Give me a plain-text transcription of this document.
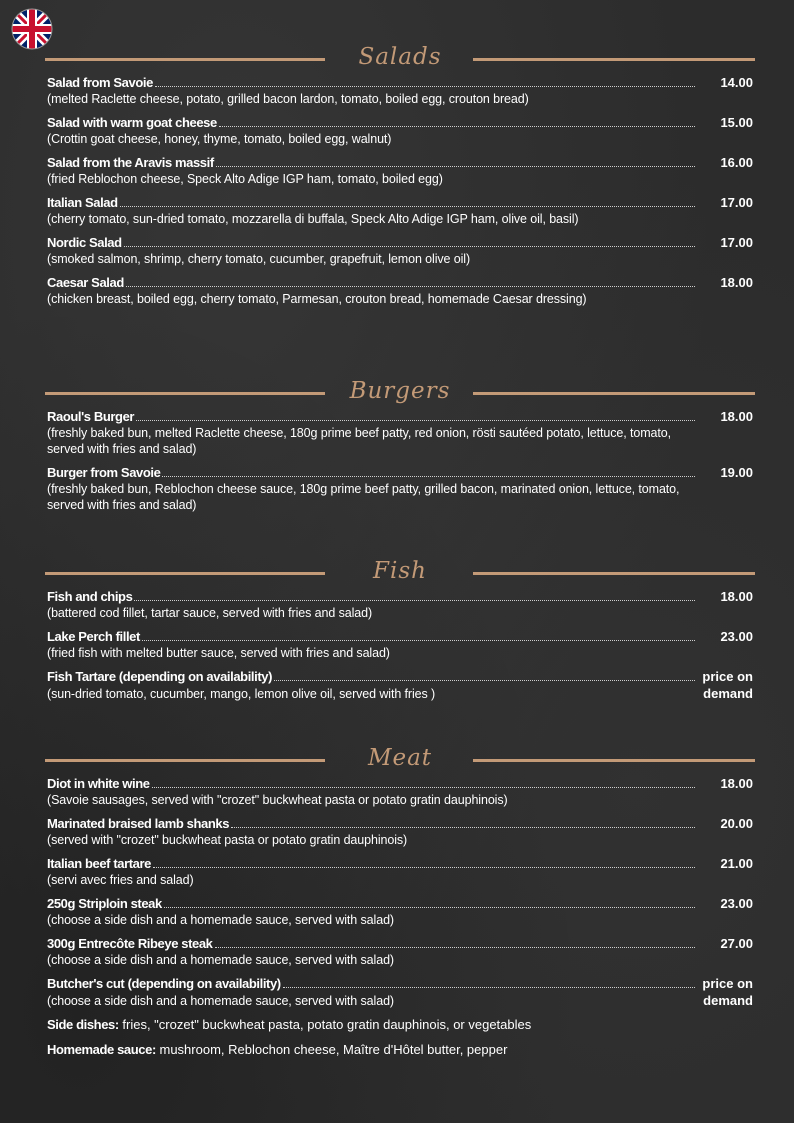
Salads
Salad from Savoie	14.00
(melted Raclette cheese, potato, grilled bacon lardon, tomato, boiled egg, crouton bread)
Salad with warm goat cheese	15.00
(Crottin goat cheese, honey, thyme, tomato, boiled egg, walnut)
Salad from the Aravis massif	16.00
(fried Reblochon cheese, Speck Alto Adige IGP ham, tomato, boiled egg)
Italian Salad	17.00
(cherry tomato, sun-dried tomato, mozzarella di buffala, Speck Alto Adige IGP ham, olive oil, basil)
Nordic Salad	17.00
(smoked salmon, shrimp, cherry tomato, cucumber, grapefruit, lemon olive oil)
Caesar Salad	18.00
(chicken breast, boiled egg, cherry tomato, Parmesan, crouton bread, homemade Caesar dressing)
Burgers
Raoul's Burger	18.00
(freshly baked bun, melted Raclette cheese, 180g prime beef patty, red onion, rösti sautéed potato, lettuce, tomato, served with fries and salad)
Burger from Savoie	19.00
(freshly baked bun, Reblochon cheese sauce, 180g prime beef patty, grilled bacon, marinated onion, lettuce, tomato, served with fries and salad)
Fish
Fish and chips	18.00
(battered cod fillet, tartar sauce, served with fries and salad)
Lake Perch fillet	23.00
(fried fish with melted butter sauce, served with fries and salad)
Fish Tartare (depending on availability)	price on
(sun-dried tomato, cucumber, mango, lemon olive oil, served with fries )	demand
Meat
Diot in white wine	18.00
(Savoie sausages, served with "crozet" buckwheat pasta or potato gratin dauphinois)
Marinated braised lamb shanks	20.00
(served with "crozet" buckwheat pasta or potato gratin dauphinois)
Italian beef tartare	21.00
(servi avec fries and salad)
250g Striploin steak	23.00
(choose a side dish and a homemade sauce, served with salad)
300g Entrecôte Ribeye steak	27.00
(choose a side dish and a homemade sauce, served with salad)
Butcher's cut (depending on availability)	price on
(choose a side dish and a homemade sauce, served with salad)	demand
Side dishes: fries, "crozet" buckwheat pasta, potato gratin dauphinois, or vegetables
Homemade sauce: mushroom, Reblochon cheese, Maître d'Hôtel butter, pepper
